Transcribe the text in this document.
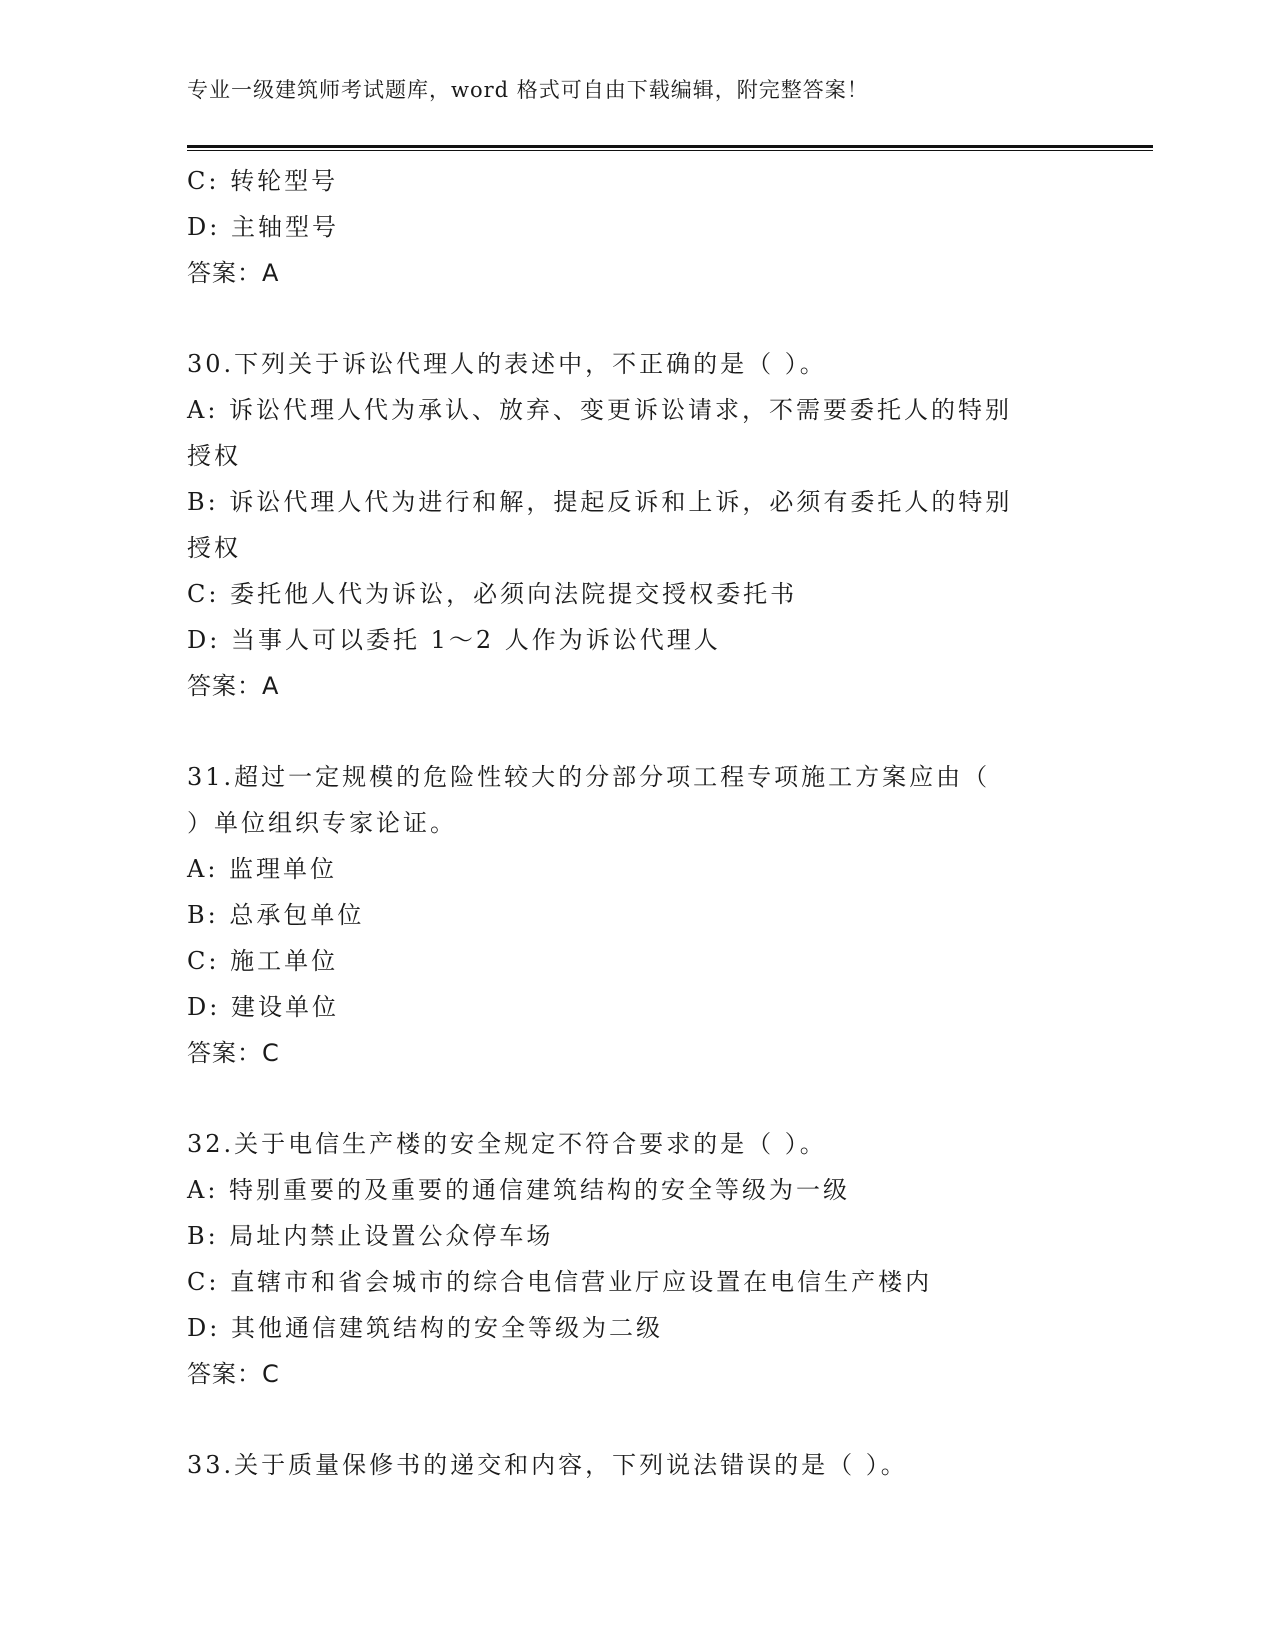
专业一级建筑师考试题库，word 格式可自由下载编辑，附完整答案！
C: 转轮型号
D: 主轴型号
答案：A
30.下列关于诉讼代理人的表述中，不正确的是（ ）。
A: 诉讼代理人代为承认、放弃、变更诉讼请求，不需要委托人的特别
授权
B: 诉讼代理人代为进行和解，提起反诉和上诉，必须有委托人的特别
授权
C: 委托他人代为诉讼，必须向法院提交授权委托书
D: 当事人可以委托 1～2 人作为诉讼代理人
答案：A
31.超过一定规模的危险性较大的分部分项工程专项施工方案应由（
）单位组织专家论证。
A: 监理单位
B: 总承包单位
C: 施工单位
D: 建设单位
答案：C
32.关于电信生产楼的安全规定不符合要求的是（ ）。
A: 特别重要的及重要的通信建筑结构的安全等级为一级
B: 局址内禁止设置公众停车场
C: 直辖市和省会城市的综合电信营业厅应设置在电信生产楼内
D: 其他通信建筑结构的安全等级为二级
答案：C
33.关于质量保修书的递交和内容，下列说法错误的是（ ）。
